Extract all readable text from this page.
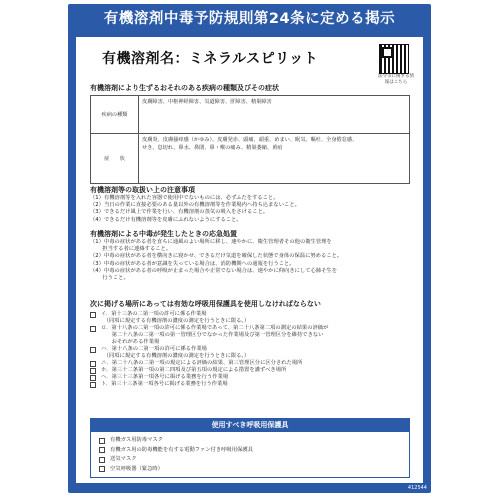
有機溶剤中毒予防規則第24条に定める掲示
有機溶剤名：ミネラルスピリット
法令等に関する情報はこちら
有機溶剤により生ずるおそれのある疾病の種類及びその症状
疾病の種類	皮膚障害、中枢神経障害、気道障害、肝障害、精巣障害
症　　状	皮膚炎、皮膚掻痒感（かゆみ）、皮膚発赤、頭痛、頭重、めまい、眠気、嘔吐、全身倦怠感、
せき、息切れ、鼻水、鼻閉、鼻・喉の痛み、精巣萎縮、黄疸
有機溶剤等の取扱い上の注意事項
（1）有機溶剤等を入れた容器で使用中でないものには、必ずふたをすること。
（2）当日の作業に直接必要のある量以外の有機溶剤等を作業場内へ持ち込まないこと。
（3）できるだけ風上で作業を行い、有機溶剤の蒸気の吸入をさけること。
（4）できるだけ有機溶剤等を皮膚にふれないようにすること。
有機溶剤による中毒が発生したときの応急処置
（1）中毒の症状がある者を直ちに通風のよい場所に移し、速やかに、衛生管理者その他の衛生管理を
　　 担当する者に連絡すること。
（2）中毒の症状がある者を横向きに寝かせ、できるだけ気道を確保した状態で身体の保温に努めること。
（3）中毒の症状がある者が意識を失っている場合は、消防機関への通報を行うこと。
（4）中毒の症状がある者の呼吸が止まった場合や正常でない場合は、速やかに仰向きにして心肺そ生を
　　 行うこと。
次に掲げる場所にあっては有効な呼吸用保護具を使用しなければならない
イ．第十三条の二第一項の許可に係る作業場
　（同項に規定する有機溶剤の濃度の測定を行うときに限る。）
ロ．第十八条の二第一項の許可に係る作業場であって、第二十八条第二項の測定の結果の評価が
　　第二十八条の二第一項の第一管理区分でなかった作業場及び第一管理区分を維持できない
　　おそれがある作業場
ハ．第十八条の二第一項の許可に係る作業場
　（同項に規定する有機溶剤の濃度の測定を行うときに限る。）
ニ．第二十八条の二第一項の規定による評価の結果、第三管理区分に区分された場所
ホ．第三十二条第一項の第二四項及び第五項の規定による措置を講ずべき場所
ヘ．第三十三条第一項各号に掲げる業務を行う作業場
ト．第三十三条第一項各号に掲げる業務を行う作業場
使用すべき呼吸用保護具
有機ガス用防毒マスク
有機ガス用の防毒機能を有する電動ファン付き呼吸用保護具
送気マスク
空気呼吸器（緊急時）
412544
